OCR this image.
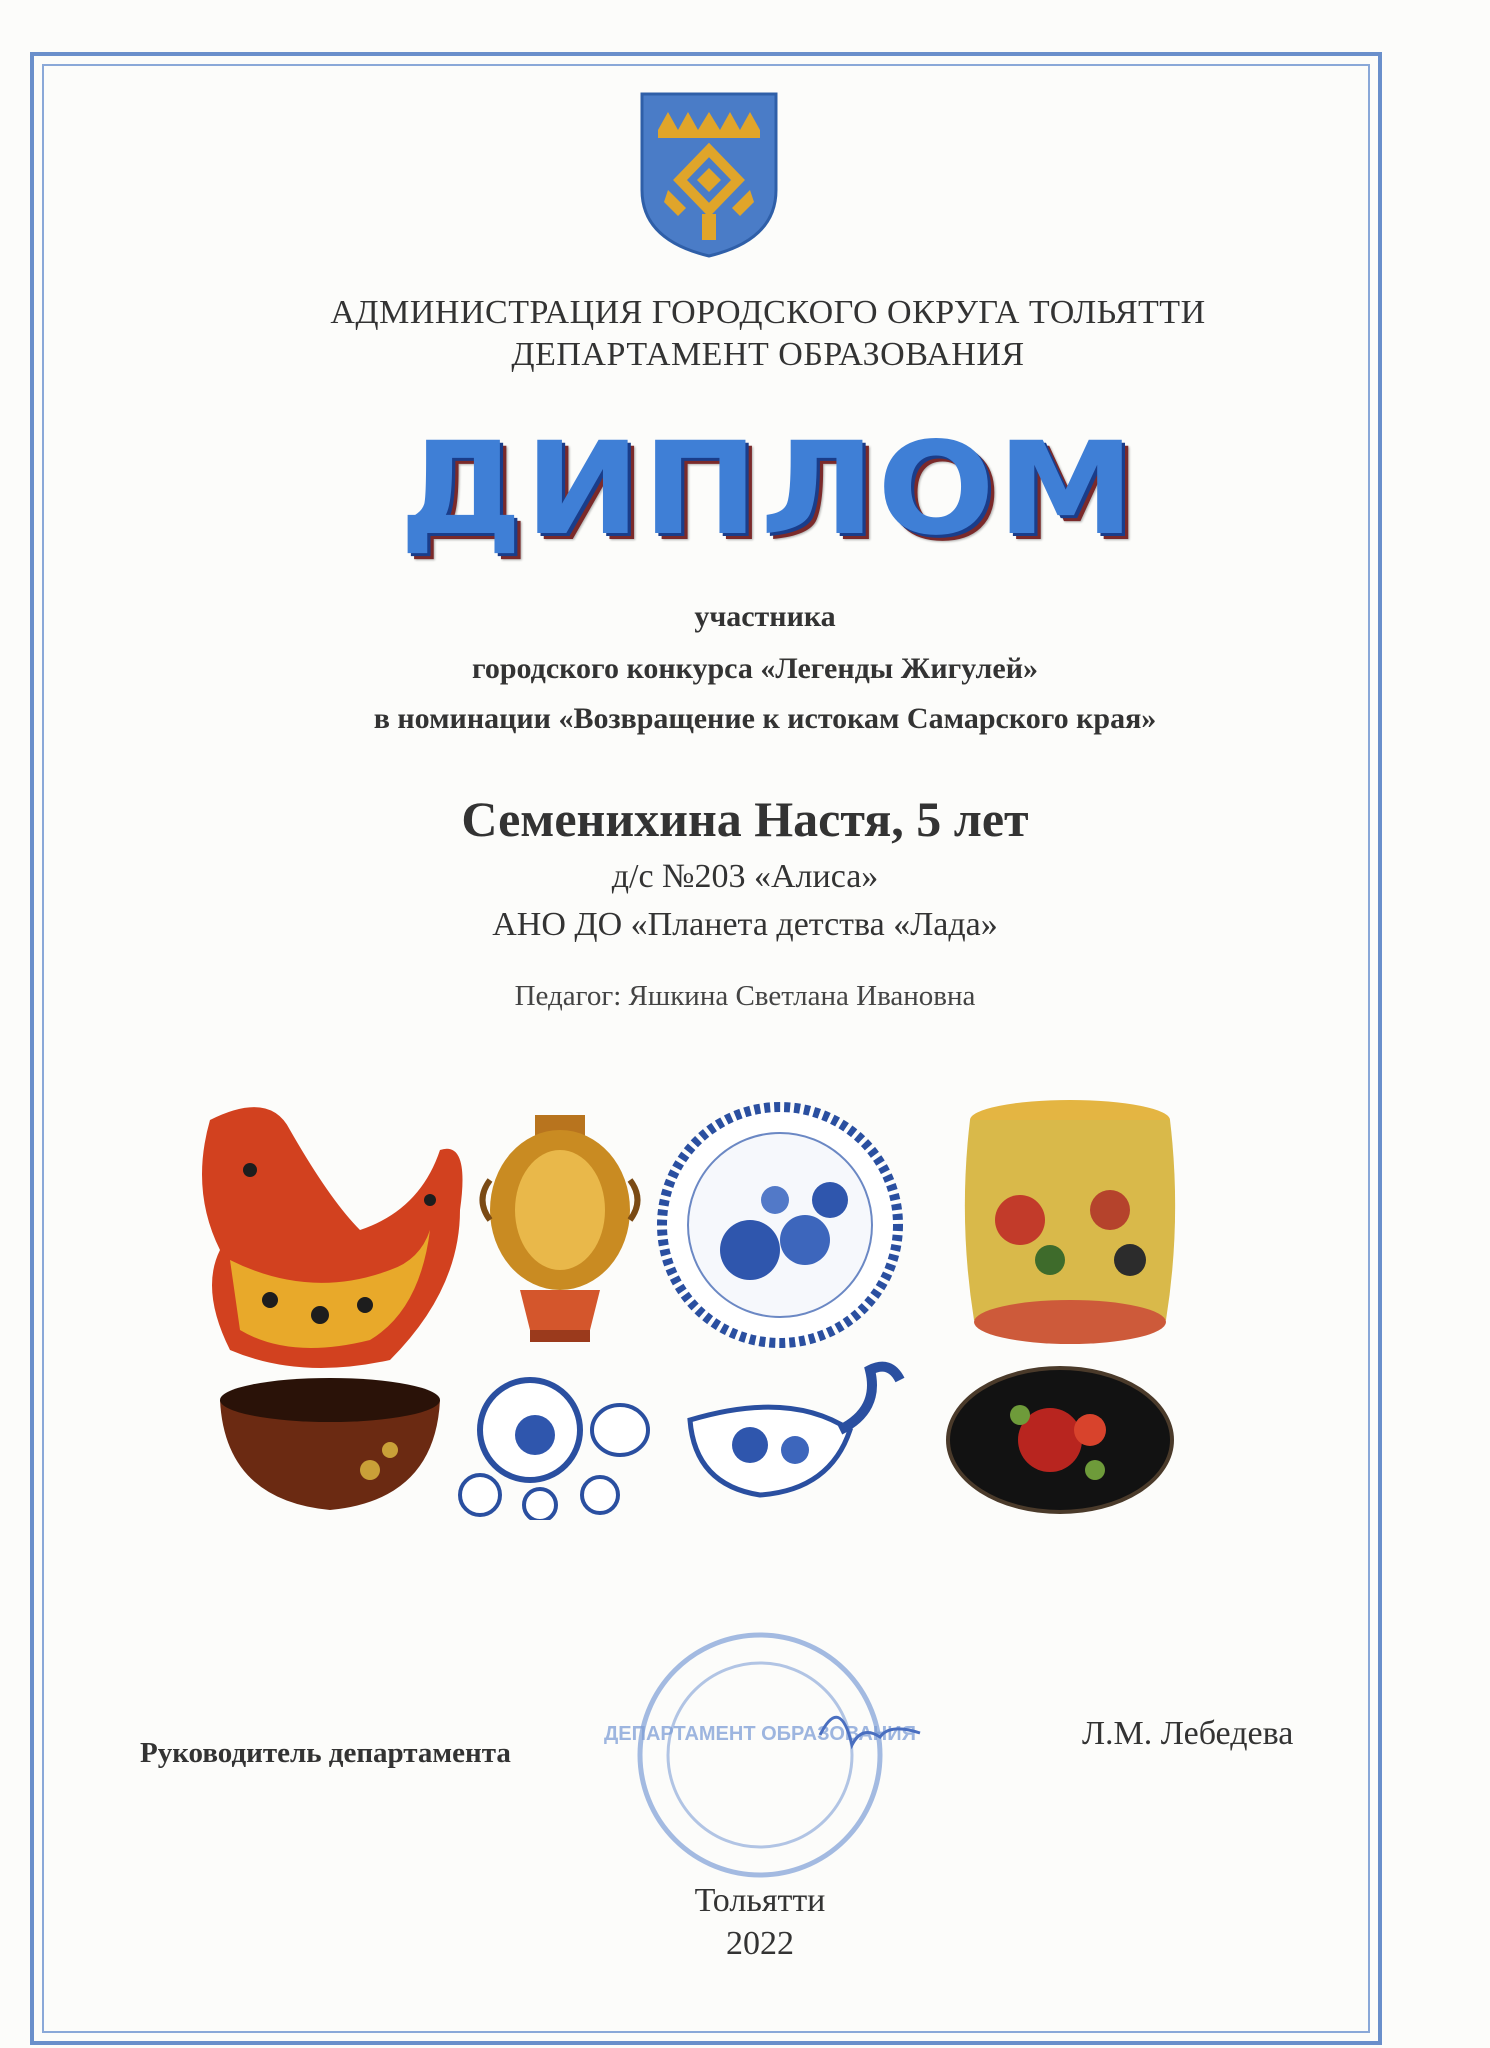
АДМИНИСТРАЦИЯ ГОРОДСКОГО ОКРУГА ТОЛЬЯТТИ
ДЕПАРТАМЕНТ ОБРАЗОВАНИЯ
ДИПЛОМ
участника
городского конкурса «Легенды Жигулей»
в номинации «Возвращение к истокам Самарского края»
Семенихина Настя, 5 лет
д/с №203 «Алиса»
АНО ДО «Планета детства «Лада»
Педагог: Яшкина Светлана Ивановна
ДЕПАРТАМЕНТ ОБРАЗОВАНИЯ
Руководитель департамента
Л.М. Лебедева
Тольятти
2022
